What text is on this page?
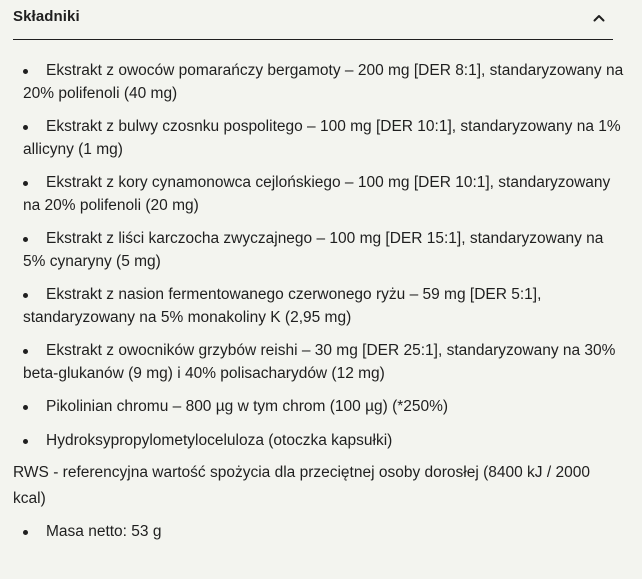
Składniki
Ekstrakt z owoców pomarańczy bergamoty – 200 mg [DER 8:1], standaryzowany na 20% polifenoli (40 mg)
Ekstrakt z bulwy czosnku pospolitego – 100 mg [DER 10:1], standaryzowany na 1% allicyny (1 mg)
Ekstrakt z kory cynamonowca cejlońskiego – 100 mg [DER 10:1], standaryzowany na 20% polifenoli (20 mg)
Ekstrakt z liści karczocha zwyczajnego – 100 mg [DER 15:1], standaryzowany na 5% cynaryny (5 mg)
Ekstrakt z nasion fermentowanego czerwonego ryżu – 59 mg [DER 5:1], standaryzowany na 5% monakoliny K (2,95 mg)
Ekstrakt z owocników grzybów reishi – 30 mg [DER 25:1], standaryzowany na 30% beta-glukanów (9 mg) i 40% polisacharydów (12 mg)
Pikolinian chromu – 800 µg w tym chrom (100 µg) (*250%)
Hydroksypropylometyloceluloza (otoczka kapsułki)

RWS - referencyjna wartość spożycia dla przeciętnej osoby dorosłej (8400 kJ / 2000 kcal)

Masa netto: 53 g
